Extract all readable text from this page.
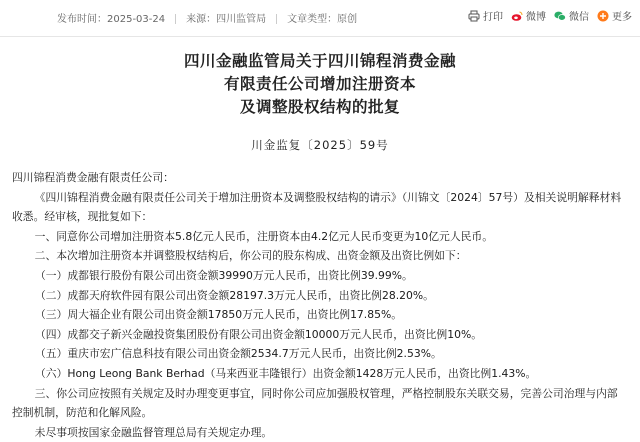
发布时间：2025-03-24 来源：四川监管局 文章类型：原创	打印 微博 微信 更多
四川金融监管局关于四川锦程消费金融
有限责任公司增加注册资本
及调整股权结构的批复
川金监复〔2025〕59号

四川锦程消费金融有限责任公司：

《四川锦程消费金融有限责任公司关于增加注册资本及调整股权结构的请示》（川锦文〔2024〕57号）及相关说明解释材料收悉。经审核，现批复如下：

一、同意你公司增加注册资本5.8亿元人民币，注册资本由4.2亿元人民币变更为10亿元人民币。

二、本次增加注册资本并调整股权结构后，你公司的股东构成、出资金额及出资比例如下：

（一）成都银行股份有限公司出资金额39990万元人民币，出资比例39.99%。

（二）成都天府软件园有限公司出资金额28197.3万元人民币，出资比例28.20%。

（三）周大福企业有限公司出资金额17850万元人民币，出资比例17.85%。

（四）成都交子新兴金融投资集团股份有限公司出资金额10000万元人民币，出资比例10%。

（五）重庆市宏广信息科技有限公司出资金额2534.7万元人民币，出资比例2.53%。

（六）Hong Leong Bank Berhad（马来西亚丰隆银行）出资金额1428万元人民币，出资比例1.43%。

三、你公司应按照有关规定及时办理变更事宜，同时你公司应加强股权管理，严格控制股东关联交易，完善公司治理与内部控制机制，防范和化解风险。

未尽事项按国家金融监督管理总局有关规定办理。
